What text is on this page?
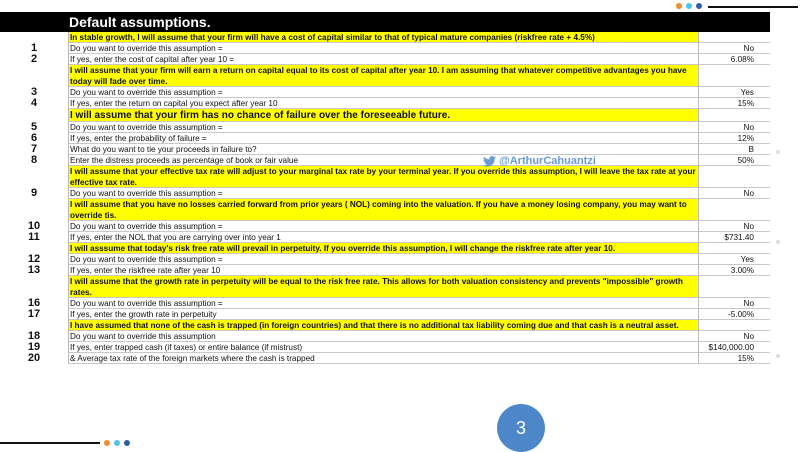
Default assumptions.
In stable growth, I will assume that your firm will have a cost of capital similar to that of typical mature companies (riskfree rate + 4.5%)
1	Do you want to override this assumption =	No
2	If yes, enter the cost of capital after year 10 =	6.08%
I will assume that your firm will earn a return on capital equal to its cost of capital after year 10. I am assuming that whatever competitive advantages you have today will fade over time.
3	Do you want to override this assumption =	Yes
4	If yes, enter the return on capital you expect after year 10	15%
I will assume that your firm has no chance of failure over the foreseeable future.
5	Do you want to override this assumption =	No
6	If yes, enter the probability of failure =	12%
7	What do you want to tie your proceeds in failure to?	B
8	Enter the distress proceeds as percentage of book or fair value	50%
I will assume that your effective tax rate will adjust to your marginal tax rate by your terminal year. If you override this assumption, I will leave the tax rate at your effective tax rate.
9	Do you want to override this assumption =	No
I will assume that you have no losses carried forward from prior years ( NOL) coming into the valuation. If you have a money losing company, you may want to override tis.
10	Do you want to override this assumption =	No
11	If yes, enter the NOL that you are carrying over into year 1	$731.40
I will asssume that today's risk free rate will prevail in perpetuity. If you override this assumption, I will change the riskfree rate after year 10.
12	Do you want to override this assumption =	Yes
13	If yes, enter the riskfree rate after year 10	3.00%
I will assume that the growth rate in perpetuity will be equal to the risk free rate. This allows for both valuation consistency and prevents "impossible" growth rates.
16	Do you want to override this assumption =	No
17	If yes, enter the growth rate in perpetuity	-5.00%
I have assumed that none of the cash is trapped (in foreign countries) and that there is no additional tax liability coming due and that cash is a neutral asset.
18	Do you want to override this assumption	No
19	If yes, enter trapped cash (if taxes) or entire balance (if mistrust)	$140,000.00
20	& Average tax rate of the foreign markets where the cash is trapped	15%
@ArthurCahuantzi
3
